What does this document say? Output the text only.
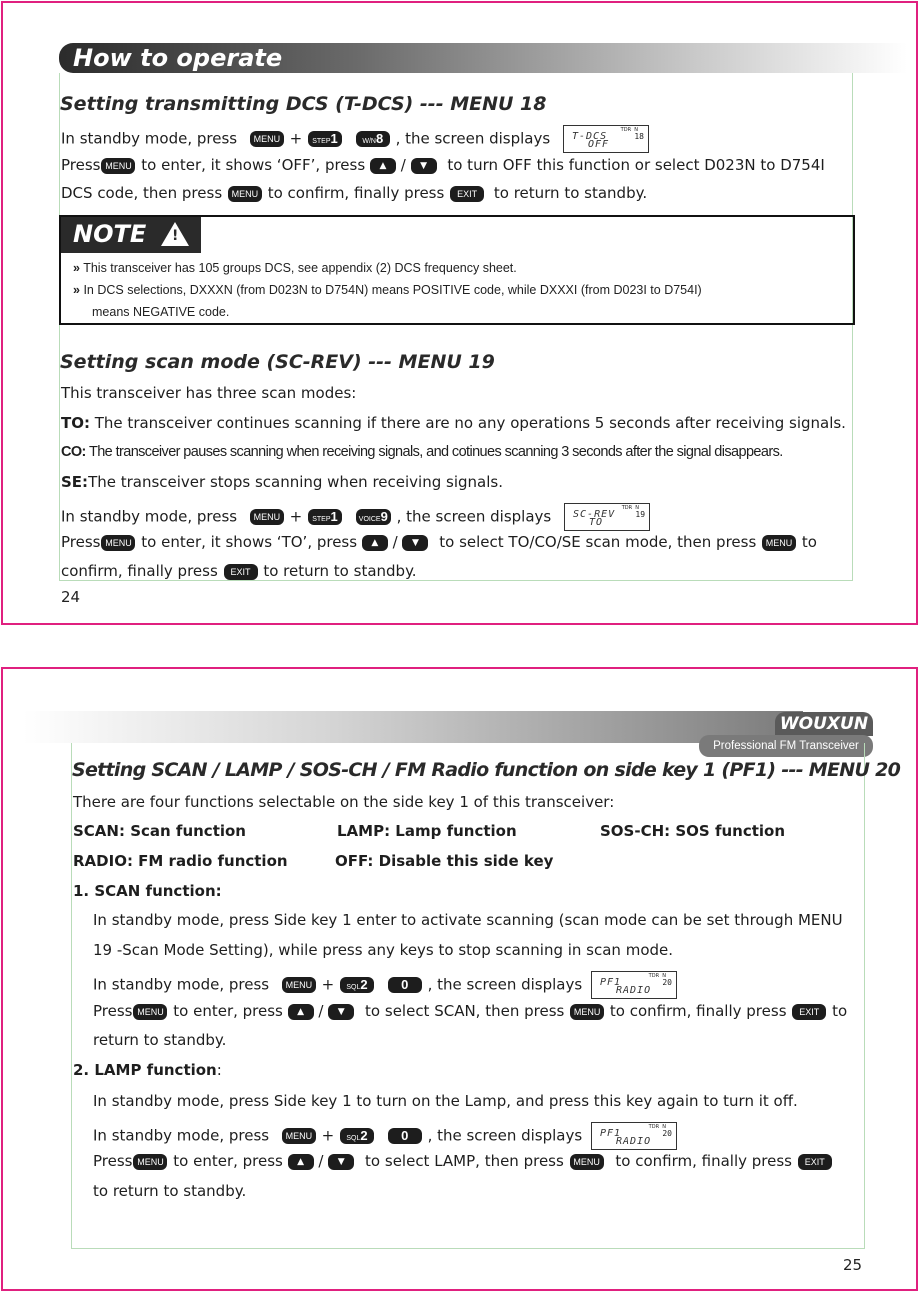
How to operate
Setting transmitting DCS (T-DCS) --- MENU 18
In standby mode, press MENU + STEP1	W/N8 , the screen displays	TDR  N
T-DCS
OFF
18
Press MENU to enter, it shows ‘OFF’, press ▲ / ▼ to turn OFF this function or select D023N to D754I
DCS code, then press MENU to confirm, finally press EXIT to return to standby.
NOTE
!
» This transceiver has 105 groups DCS, see appendix (2) DCS frequency sheet.
» In DCS selections, DXXXN (from D023N to D754N) means POSITIVE code, while DXXXI (from D023I to D754I)
means NEGATIVE code.
Setting scan mode (SC-REV) --- MENU 19
This transceiver has three scan modes:
TO: The transceiver continues scanning if there are no any operations 5 seconds after receiving signals.
CO: The transceiver pauses scanning when receiving signals, and cotinues scanning 3 seconds after the signal disappears.
SE:The transceiver stops scanning when receiving signals.
In standby mode, press MENU + STEP1	VOICE9 , the screen displays	TDR  N
SC-REV
TO
19
Press MENU to enter, it shows ‘TO’, press ▲ / ▼ to select TO/CO/SE scan mode, then press MENU to
confirm, finally press EXIT to return to standby.
24
WOUXUN
Professional FM Transceiver
Setting SCAN / LAMP / SOS-CH / FM Radio function on side key 1 (PF1) --- MENU 20
There are four functions selectable on the side key 1 of this transceiver:
SCAN: Scan function	LAMP: Lamp function	SOS-CH: SOS function
RADIO: FM radio function	OFF: Disable this side key
1. SCAN function:
In standby mode, press Side key 1 enter to activate scanning (scan mode can be set through MENU
19 -Scan Mode Setting), while press any keys to stop scanning in scan mode.
In standby mode, press MENU + SQL2	0 , the screen displays	TDR  N
PF1
RADIO
20
Press MENU to enter, press ▲ / ▼ to select SCAN, then press MENU to confirm, finally press EXIT to
return to standby.
2. LAMP function:
In standby mode, press Side key 1 to turn on the Lamp, and press this key again to turn it off.
In standby mode, press MENU + SQL2	0 , the screen displays	TDR  N
PF1
RADIO
20
Press MENU to enter, press ▲ / ▼ to select LAMP, then press MENU to confirm, finally press EXIT
to return to standby.
25
